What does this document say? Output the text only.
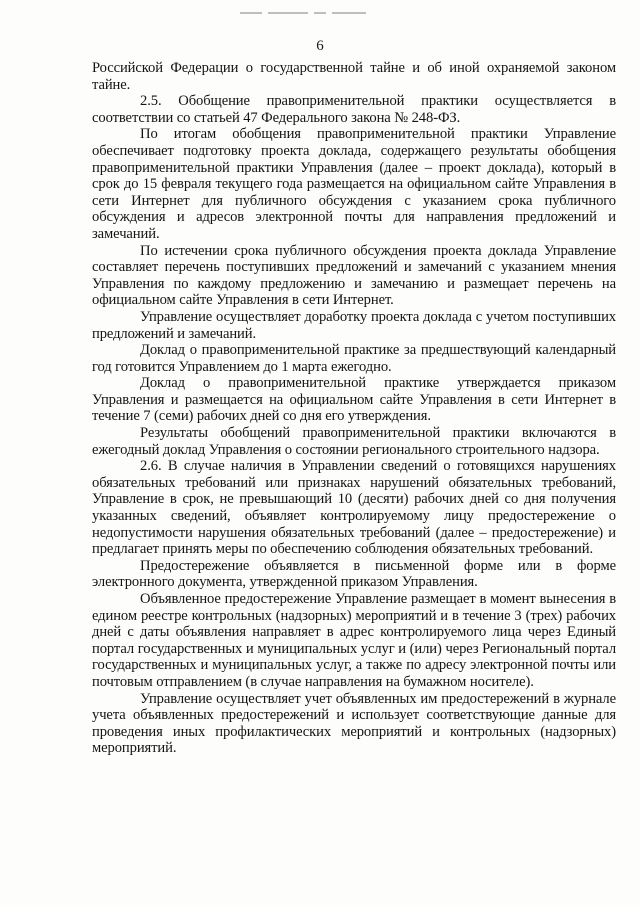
6

Российской Федерации о государственной тайне и об иной охраняемой законом тайне.

2.5. Обобщение правоприменительной практики осуществляется в соответствии со статьей 47 Федерального закона № 248-ФЗ.

По итогам обобщения правоприменительной практики Управление обеспечивает подготовку проекта доклада, содержащего результаты обобщения правоприменительной практики Управления (далее – проект доклада), который в срок до 15 февраля текущего года размещается на официальном сайте Управления в сети Интернет для публичного обсуждения с указанием срока публичного обсуждения и адресов электронной почты для направления предложений и замечаний.

По истечении срока публичного обсуждения проекта доклада Управление составляет перечень поступивших предложений и замечаний с указанием мнения Управления по каждому предложению и замечанию и размещает перечень на официальном сайте Управления в сети Интернет.

Управление осуществляет доработку проекта доклада с учетом поступивших предложений и замечаний.

Доклад о правоприменительной практике за предшествующий календарный год готовится Управлением до 1 марта ежегодно.

Доклад о правоприменительной практике утверждается приказом Управления и размещается на официальном сайте Управления в сети Интернет в течение 7 (семи) рабочих дней со дня его утверждения.

Результаты обобщений правоприменительной практики включаются в ежегодный доклад Управления о состоянии регионального строительного надзора.

2.6. В случае наличия в Управлении сведений о готовящихся нарушениях обязательных требований или признаках нарушений обязательных требований, Управление в срок, не превышающий 10 (десяти) рабочих дней со дня получения указанных сведений, объявляет контролируемому лицу предостережение о недопустимости нарушения обязательных требований (далее – предостережение) и предлагает принять меры по обеспечению соблюдения обязательных требований.

Предостережение объявляется в письменной форме или в форме электронного документа, утвержденной приказом Управления.

Объявленное предостережение Управление размещает в момент вынесения в едином реестре контрольных (надзорных) мероприятий и в течение 3 (трех) рабочих дней с даты объявления направляет в адрес контролируемого лица через Единый портал государственных и муниципальных услуг и (или) через Региональный портал государственных и муниципальных услуг, а также по адресу электронной почты или почтовым отправлением (в случае направления на бумажном носителе).

Управление осуществляет учет объявленных им предостережений в журнале учета объявленных предостережений и использует соответствующие данные для проведения иных профилактических мероприятий и контрольных (надзорных) мероприятий.
